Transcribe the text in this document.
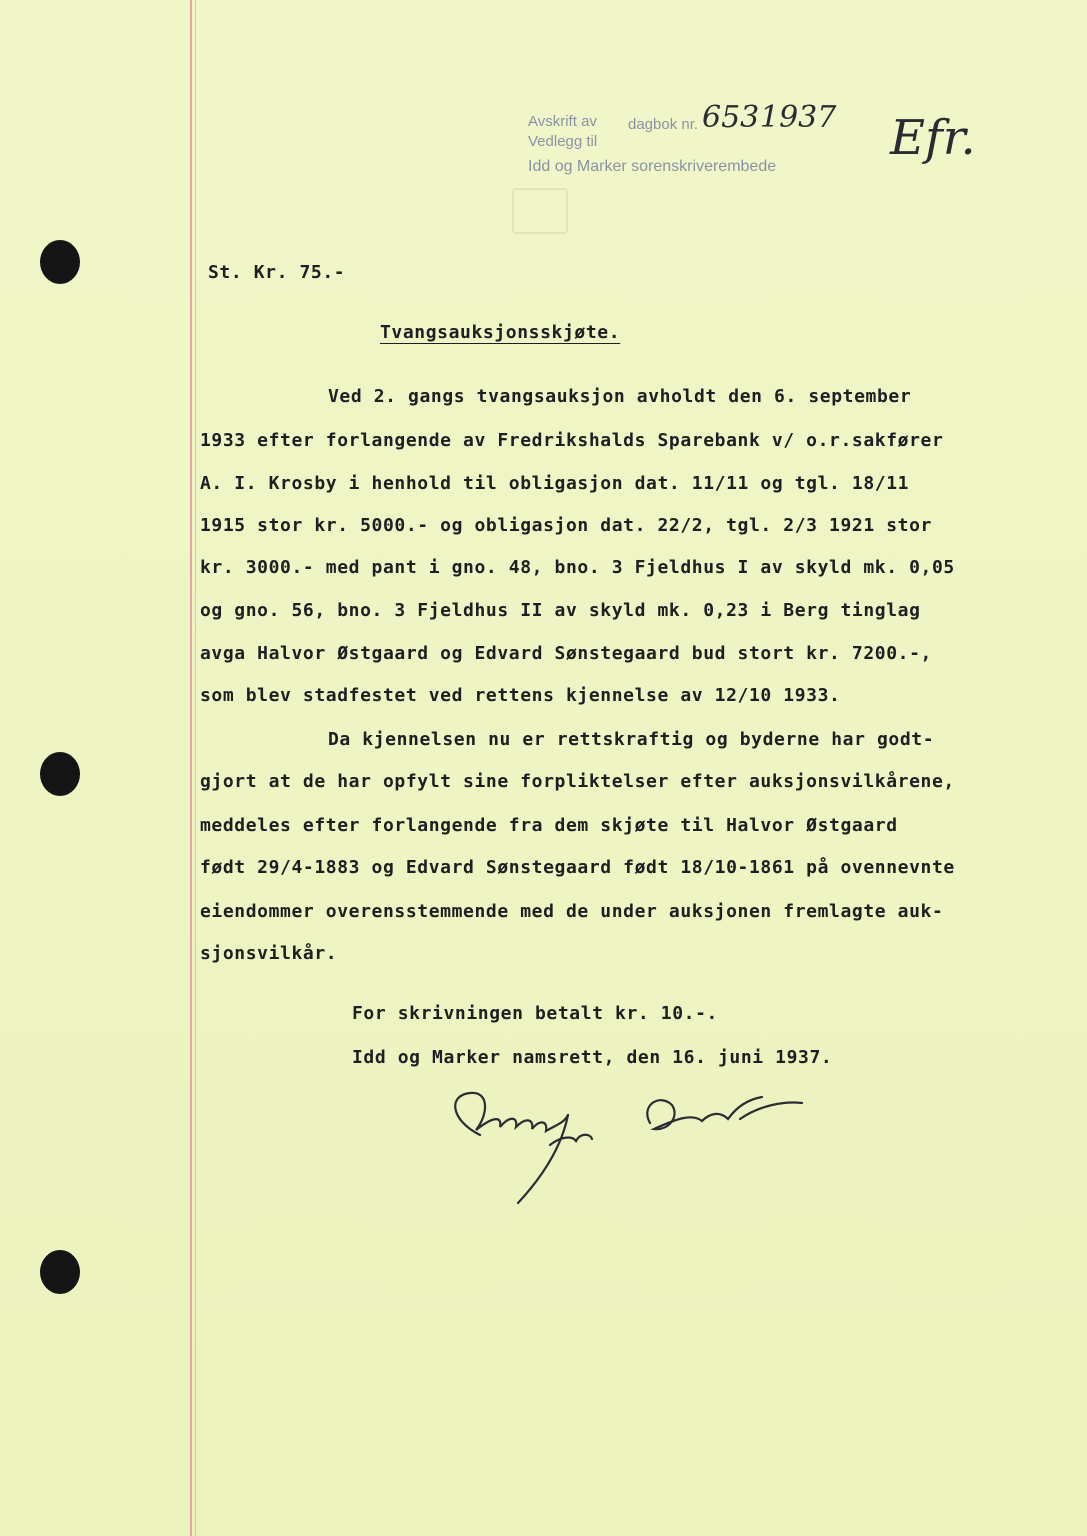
Avskrift av dagbok nr.
Vedlegg til
Idd og Marker sorenskriverembede
653 1937 Efr.
St. Kr. 75.-
Tvangsauksjonsskjøte.
Ved 2. gangs tvangsauksjon avholdt den 6. september
1933 efter forlangende av Fredrikshalds Sparebank v/ o.r.sakfører
A. I. Krosby i henhold til obligasjon dat. 11/11 og tgl. 18/11
1915 stor kr. 5000.- og obligasjon dat. 22/2, tgl. 2/3 1921 stor
kr. 3000.- med pant i gno. 48, bno. 3 Fjeldhus I av skyld mk. 0,05
og gno. 56, bno. 3 Fjeldhus II av skyld mk. 0,23 i Berg tinglag
avga Halvor Østgaard og Edvard Sønstegaard bud stort kr. 7200.-,
som blev stadfestet ved rettens kjennelse av 12/10 1933.
Da kjennelsen nu er rettskraftig og byderne har godt-
gjort at de har opfylt sine forpliktelser efter auksjonsvilkårene,
meddeles efter forlangende fra dem skjøte til Halvor Østgaard
født 29/4-1883 og Edvard Sønstegaard født 18/10-1861 på ovennevnte
eiendommer overensstemmende med de under auksjonen fremlagte auk-
sjonsvilkår.
For skrivningen betalt kr. 10.-.
Idd og Marker namsrett, den 16. juni 1937.
